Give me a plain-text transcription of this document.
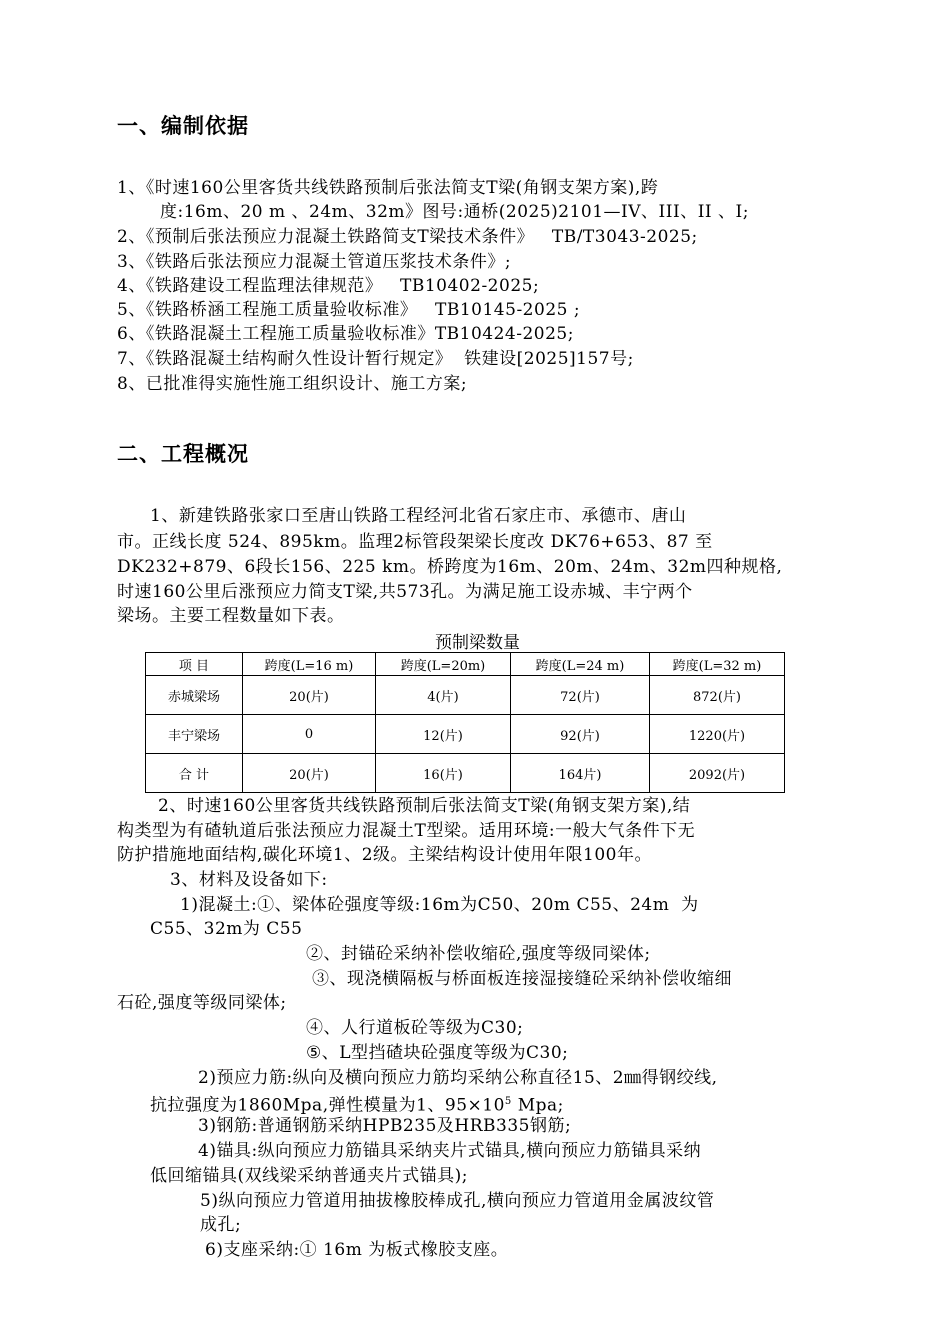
一、编制依据
1、《时速160公里客货共线铁路预制后张法简支T梁(角钢支架方案),跨
度:16m、20 m 、24m、32m》图号:通桥(2025)2101—IV、III、II 、I;
2、《预制后张法预应力混凝土铁路简支T梁技术条件》   TB/T3043-2025;
3、《铁路后张法预应力混凝土管道压浆技术条件》;
4、《铁路建设工程监理法律规范》   TB10402-2025;
5、《铁路桥涵工程施工质量验收标准》   TB10145-2025 ;
6、《铁路混凝土工程施工质量验收标准》TB10424-2025;
7、《铁路混凝土结构耐久性设计暂行规定》  铁建设[2025]157号;
8、已批准得实施性施工组织设计、施工方案;
二、工程概况
1、新建铁路张家口至唐山铁路工程经河北省石家庄市、承德市、唐山
市。正线长度 524、895km。监理2标管段架梁长度改 DK76+653、87 至
DK232+879、6段长156、225 km。桥跨度为16m、20m、24m、32m四种规格,
时速160公里后涨预应力简支T梁,共573孔。为满足施工设赤城、丰宁两个
梁场。主要工程数量如下表。
预制梁数量
项 目	跨度(L=16 m)	跨度(L=20m)	跨度(L=24 m)	跨度(L=32 m)
赤城梁场	20(片)	4(片)	72(片)	872(片)
丰宁梁场	0	12(片)	92(片)	1220(片)
合 计	20(片)	16(片)	164片)	2092(片)
2、时速160公里客货共线铁路预制后张法简支T梁(角钢支架方案),结
构类型为有碴轨道后张法预应力混凝土T型梁。适用环境:一般大气条件下无
防护措施地面结构,碳化环境1、2级。主梁结构设计使用年限100年。
3、材料及设备如下:
1)混凝土:①、梁体砼强度等级:16m为C50、20m C55、24m  为
C55、32m为 C55
②、封锚砼采纳补偿收缩砼,强度等级同梁体;
③、现浇横隔板与桥面板连接湿接缝砼采纳补偿收缩细
石砼,强度等级同梁体;
④、人行道板砼等级为C30;
⑤、L型挡碴块砼强度等级为C30;
2)预应力筋:纵向及横向预应力筋均采纳公称直径15、2㎜得钢绞线,
抗拉强度为1860Mpa,弹性模量为1、$95\times 10^5$ Mpa;
3)钢筋:普通钢筋采纳HPB235及HRB335钢筋;
4)锚具:纵向预应力筋锚具采纳夹片式锚具,横向预应力筋锚具采纳
低回缩锚具(双线梁采纳普通夹片式锚具);
5)纵向预应力管道用抽拔橡胶棒成孔,横向预应力管道用金属波纹管
成孔;
6)支座采纳:① 16m 为板式橡胶支座。
